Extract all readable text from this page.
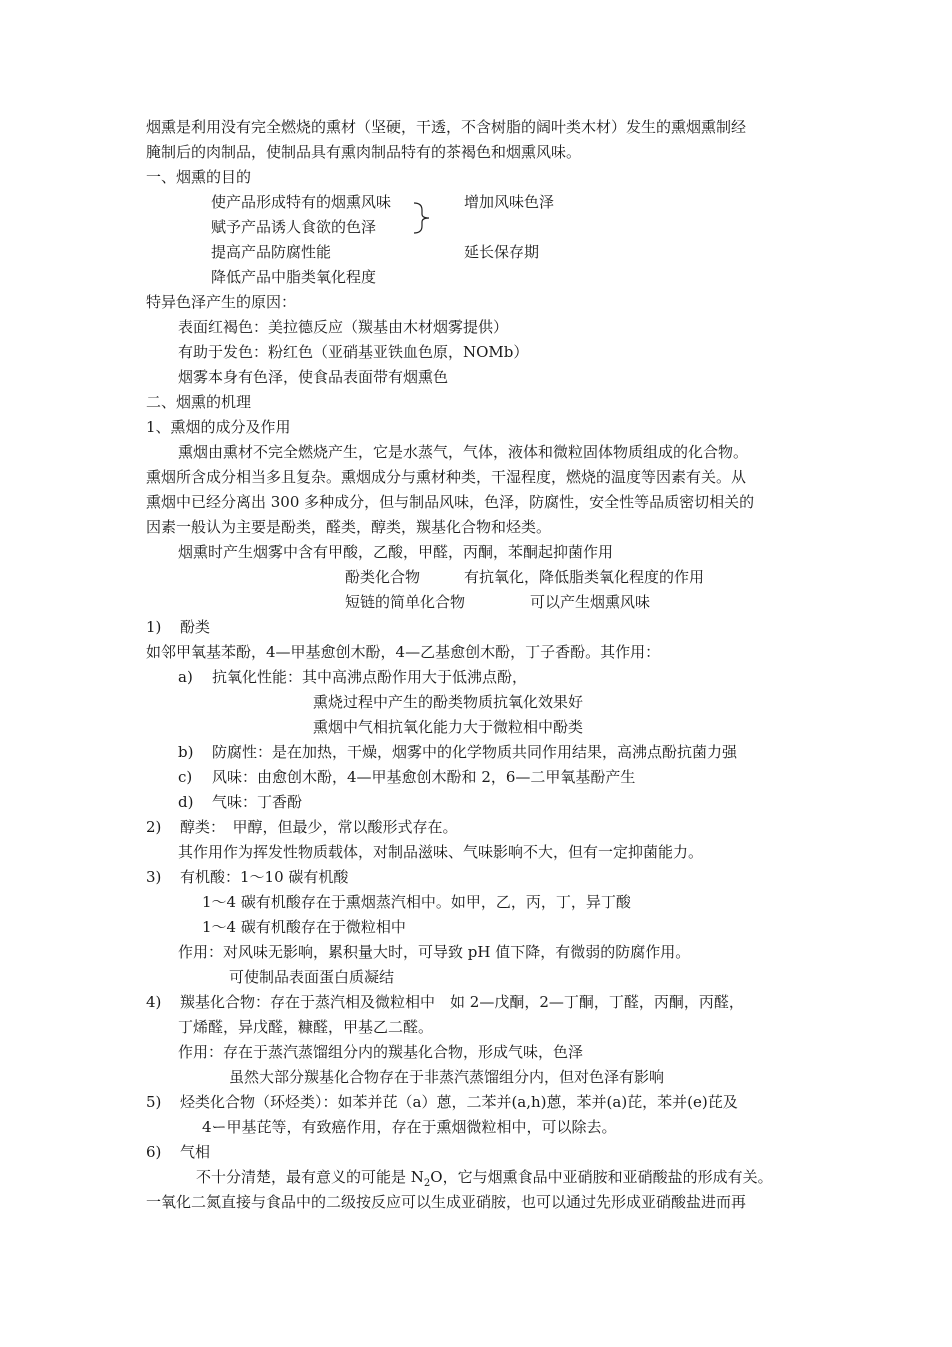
烟熏是利用没有完全燃烧的熏材（坚硬，干透，不含树脂的阔叶类木材）发生的熏烟熏制经
腌制后的肉制品，使制品具有熏肉制品特有的茶褐色和烟熏风味。
一、烟熏的目的
使产品形成特有的烟熏风味
赋予产品诱人食欲的色泽
增加风味色泽
提高产品防腐性能	延长保存期
降低产品中脂类氧化程度
特异色泽产生的原因：
表面红褐色：美拉德反应（羰基由木材烟雾提供）
有助于发色：粉红色（亚硝基亚铁血色原，NOMb）
烟雾本身有色泽，使食品表面带有烟熏色
二、烟熏的机理
1、熏烟的成分及作用
熏烟由熏材不完全燃烧产生，它是水蒸气，气体，液体和微粒固体物质组成的化合物。
熏烟所含成分相当多且复杂。熏烟成分与熏材种类，干湿程度，燃烧的温度等因素有关。从
熏烟中已经分离出 300 多种成分，但与制品风味，色泽，防腐性，安全性等品质密切相关的
因素一般认为主要是酚类，醛类，醇类，羰基化合物和烃类。
烟熏时产生烟雾中含有甲酸，乙酸，甲醛，丙酮，苯酮起抑菌作用
酚类化合物	有抗氧化，降低脂类氧化程度的作用
短链的简单化合物	可以产生烟熏风味
1) 酚类
如邻甲氧基苯酚，4—甲基愈创木酚，4—乙基愈创木酚，丁子香酚。其作用：
a) 抗氧化性能：其中高沸点酚作用大于低沸点酚，
熏烧过程中产生的酚类物质抗氧化效果好
熏烟中气相抗氧化能力大于微粒相中酚类
b) 防腐性：是在加热，干燥，烟雾中的化学物质共同作用结果，高沸点酚抗菌力强
c) 风味：由愈创木酚，4—甲基愈创木酚和 2，6—二甲氧基酚产生
d) 气味：丁香酚
2) 醇类：　甲醇，但最少，常以酸形式存在。
其作用作为挥发性物质载体，对制品滋味、气味影响不大，但有一定抑菌能力。
3) 有机酸：1～10 碳有机酸
1～4 碳有机酸存在于熏烟蒸汽相中。如甲，乙，丙，丁，异丁酸
1～4 碳有机酸存在于微粒相中
作用：对风味无影响，累积量大时，可导致 pH 值下降，有微弱的防腐作用。
可使制品表面蛋白质凝结
4) 羰基化合物：存在于蒸汽相及微粒相中　如 2—戊酮，2—丁酮，丁醛，丙酮，丙醛，
丁烯醛，异戊醛，糠醛，甲基乙二醛。
作用：存在于蒸汽蒸馏组分内的羰基化合物，形成气味，色泽
虽然大部分羰基化合物存在于非蒸汽蒸馏组分内，但对色泽有影响
5) 烃类化合物（环烃类）：如苯并芘（a）蒽，二苯并(a,h)蒽，苯并(a)芘，苯并(e)芘及
4ー甲基芘等，有致癌作用，存在于熏烟微粒相中，可以除去。
6) 气相
不十分清楚，最有意义的可能是 $N_2O$，它与烟熏食品中亚硝胺和亚硝酸盐的形成有关。
一氧化二氮直接与食品中的二级按反应可以生成亚硝胺，也可以通过先形成亚硝酸盐进而再
